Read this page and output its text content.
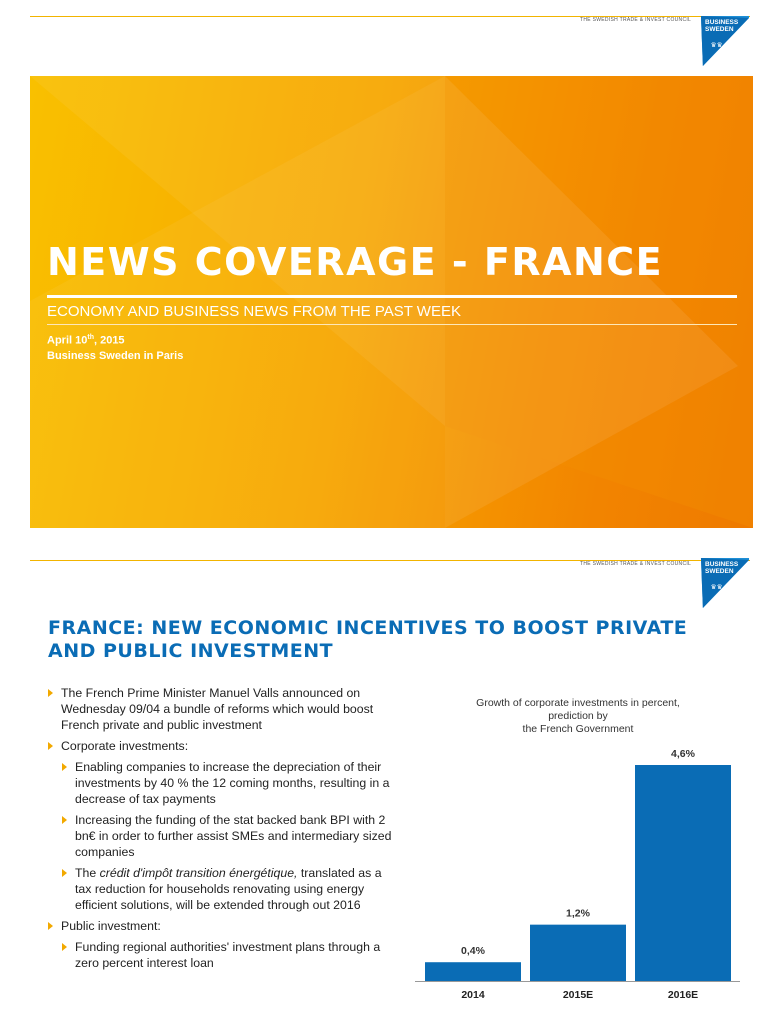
THE SWEDISH TRADE & INVEST COUNCIL
♛♛
BUSINESS
SWEDEN
NEWS COVERAGE - FRANCE
ECONOMY AND BUSINESS NEWS FROM THE PAST WEEK
April 10th, 2015
Business Sweden in Paris
THE SWEDISH TRADE & INVEST COUNCIL
♛♛
BUSINESS
SWEDEN
FRANCE: NEW ECONOMIC INCENTIVES TO BOOST PRIVATE AND PUBLIC INVESTMENT
The French Prime Minister Manuel Valls announced on Wednesday 09/04 a bundle of reforms which would boost French private and public investment
Corporate investments:
Enabling companies to increase the depreciation of their investments by 40 % the 12 coming months, resulting in a decrease of tax payments
Increasing the funding of the stat backed bank BPI with 2 bn€ in order to further assist SMEs and intermediary sized companies
The crédit d'impôt transition énergétique, translated as a tax reduction for households renovating using energy efficient solutions, will be extended through out 2016
Public investment:
Funding regional authorities' investment plans through a zero percent interest loan
Growth of corporate investments in percent,
prediction by
the French Government
0,4%
2014
1,2%
2015E
4,6%
2016E
